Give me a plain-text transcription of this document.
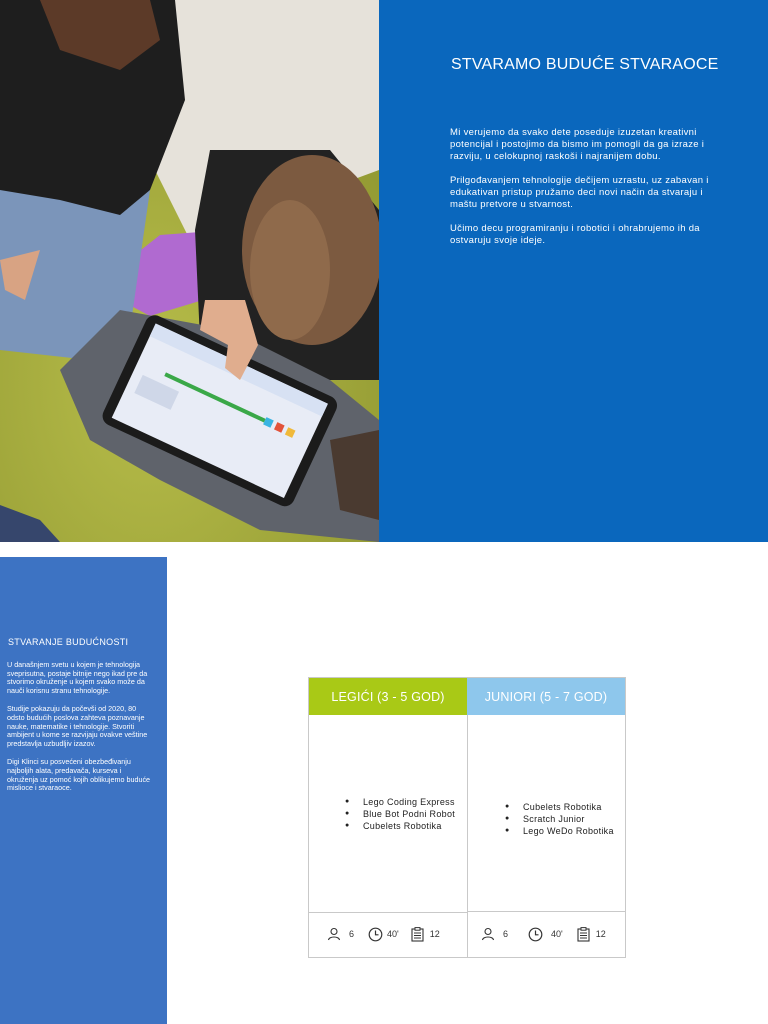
STVARAMO BUDUĆE STVARAOCE

Mi verujemo da svako dete poseduje izuzetan kreativni potencijal i postojimo da bismo im pomogli da ga izraze i razviju, u celokupnoj raskoši i najranijem dobu.

Prilgođavanjem tehnologije dečijem uzrastu, uz zabavan i edukativan pristup pružamo deci novi način da stvaraju i maštu pretvore u stvarnost.

Učimo decu programiranju i robotici i ohrabrujemo ih da ostvaruju svoje ideje.

STVARANJE BUDUĆNOSTI

U današnjem svetu u kojem je tehnologija sveprisutna, postaje bitnije nego ikad pre da stvorimo okruženje u kojem svako može da nauči korisnu stranu tehnologije.

Studije pokazuju da počevši od 2020, 80 odsto budućih poslova zahteva poznavanje nauke, matematike i tehnologije. Stvoriti ambijent u kome se razvijaju ovakve veštine predstavlja uzbudljiv izazov.

Digi Klinci su posvećeni obezbeđivanju najboljih alata, predavača, kurseva i okruženja uz pomoć kojih oblikujemo buduće mislioce i stvaraoce.

LEGIĆI (3 - 5 GOD)
● Lego Coding Express
● Blue Bot Podni Robot
● Cubelets Robotika
6	40'	12
JUNIORI (5 - 7 GOD)
● Cubelets Robotika
● Scratch Junior
● Lego WeDo Robotika
6	40'	12
